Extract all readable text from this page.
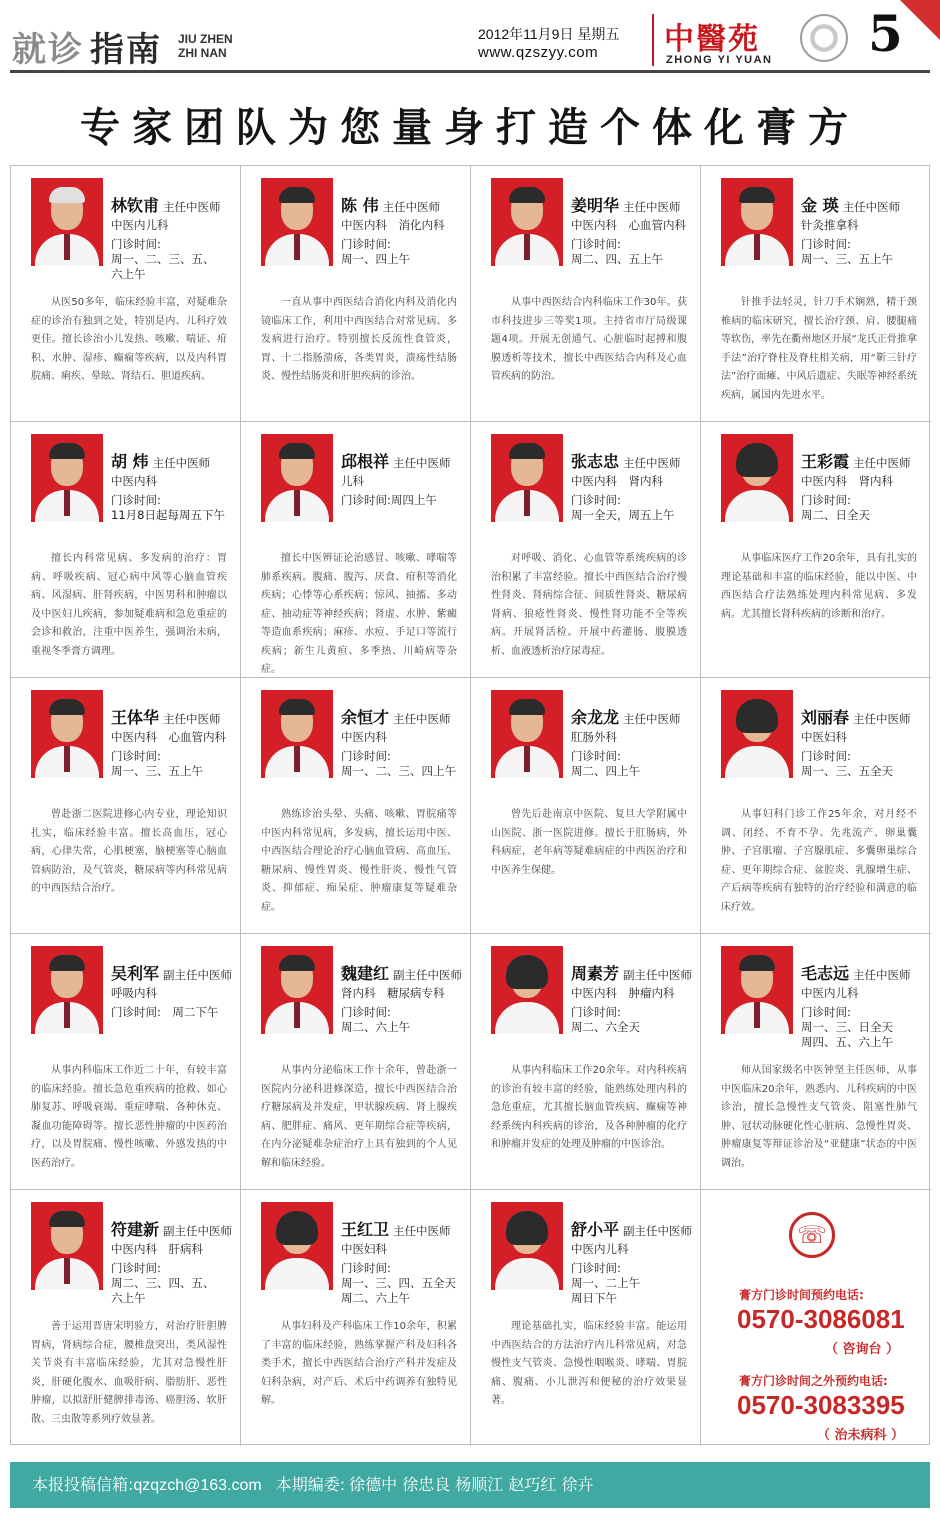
就诊 指南 JIU ZHEN
ZHI NAN
2012年11月9日 星期五
www.qzszyy.com 中醫苑
ZHONG YI YUAN 5
专家团队为您量身打造个体化膏方
☏
膏方门诊时间预约电话:
0570-3086081
（ 咨询台 ）
膏方门诊时间之外预约电话:
0570-3083395
（ 治未病科 ）
林钦甫 主任中医师
中医内儿科
门诊时间:
周一、二、三、五、
六上午
从医50多年，临床经验丰富，对疑难杂症的诊治有独到之处，特别是内、儿科疗效更佳。擅长诊治小儿发热、咳嗽、喘证、疳积、水肿、湿疹、癫痫等疾病，以及内科胃脘痛、痢疾、晕眩、肾结石、胆道疾病。
陈 伟 主任中医师
中医内科　消化内科
门诊时间:
周一、四上午
一直从事中西医结合消化内科及消化内镜临床工作，利用中西医结合对常见病、多发病进行治疗。特别擅长反流性食管炎，胃、十二指肠溃疡，各类胃炎，溃疡性结肠炎、慢性结肠炎和肝胆疾病的诊治。
姜明华 主任中医师
中医内科　心血管内科
门诊时间:
周二、四、五上午
从事中西医结合内科临床工作30年。获市科技进步三等奖1项。主持省市厅局级课题4项。开展无创通气、心脏临时起搏和腹膜透析等技术，擅长中西医结合内科及心血管疾病的防治。
金 瑛 主任中医师
针灸推拿科
门诊时间:
周一、三、五上午
针推手法轻灵，针刀手术娴熟，精于颈椎病的临床研究，擅长治疗颈、肩、腰腿痛等软伤，率先在衢州地区开展“龙氏正骨推拿手法”治疗脊柱及脊柱相关病，用“靳三针疗法”治疗面瘫、中风后遗症、失眠等神经系统疾病，属国内先进水平。
胡 炜 主任中医师
中医内科
门诊时间:
11月8日起每周五下午
擅长内科常见病、多发病的治疗：胃病、呼吸疾病、冠心病中风等心脑血管疾病、风湿病、肝肾疾病，中医男科和肿瘤以及中医妇儿疾病，参加疑难病和急危重症的会诊和救治，注重中医养生，强调治未病，重视冬季膏方调理。
邱根祥 主任中医师
儿科
门诊时间:周四上午
擅长中医辨证论治感冒、咳嗽、哮喘等肺系疾病。腹痛、腹泻、厌食、疳积等消化疾病；心悸等心系疾病；惊风、抽搐、多动症、抽动症等神经疾病；肾虚、水肿、紫癜等造血系疾病；麻疹、水痘、手足口等流行疾病；新生儿黄疸、多季热、川崎病等杂症。
张志忠 主任中医师
中医内科　肾内科
门诊时间:
周一全天，周五上午
对呼吸、消化、心血管等系统疾病的诊治积累了丰富经验。擅长中西医结合治疗慢性肾炎、肾病综合征、间质性肾炎、糖尿病肾病、狼疮性肾炎、慢性肾功能不全等疾病。开展肾活检。开展中药灌肠、腹膜透析、血液透析治疗尿毒症。
王彩霞 主任中医师
中医内科　肾内科
门诊时间:
周二、日全天
从事临床医疗工作20余年，具有扎实的理论基础和丰富的临床经验，能以中医、中西医结合疗法熟练处理内科常见病、多发病。尤其擅长肾科疾病的诊断和治疗。
王体华 主任中医师
中医内科　心血管内科
门诊时间:
周一、三、五上午
曾赴浙二医院进修心内专业，理论知识扎实，临床经验丰富。擅长高血压，冠心病，心律失常，心肌梗塞，脑梗塞等心脑血管病防治，及气管炎，糖尿病等内科常见病的中西医结合治疗。
余恒才 主任中医师
中医内科
门诊时间:
周一、二、三、四上午
熟练诊治头晕、头痛、咳嗽、胃脘痛等中医内科常见病，多发病，擅长运用中医、中西医结合理论治疗心脑血管病、高血压、糖尿病、慢性胃炎、慢性肝炎、慢性气管炎、抑郁症、痴呆症、肿瘤康复等疑难杂症。
余龙龙 主任中医师
肛肠外科
门诊时间:
周二、四上午
曾先后赴南京中医院、复旦大学附属中山医院、浙一医院进修。擅长于肛肠病，外科病症，老年病等疑难病症的中西医治疗和中医养生保健。
刘丽春 主任中医师
中医妇科
门诊时间:
周一、三、五全天
从事妇科门诊工作25年余，对月经不调、闭经、不育不孕、先兆流产、卵巢囊肿、子宫肌瘤、子宫腺肌症、多囊卵巢综合症、更年期综合症、盆腔炎、乳腺增生症、产后病等疾病有独特的治疗经验和满意的临床疗效。
吴利军 副主任中医师
呼吸内科
门诊时间:　周二下午
从事内科临床工作近二十年，有较丰富的临床经验。擅长急危重疾病的抢救、如心肺复苏、呼吸衰竭、重症哮喘、各种休克、凝血功能障碍等。擅长恶性肿瘤的中医药治疗，以及胃脘痛、慢性咳嗽、外感发热的中医药治疗。
魏建红 副主任中医师
肾内科　糖尿病专科
门诊时间:
周二、六上午
从事内分泌临床工作十余年，曾赴浙一医院内分泌科进修深造，擅长中西医结合治疗糖尿病及并发症，甲状腺疾病、肾上腺疾病、肥胖症、痛风、更年期综合症等疾病，在内分泌疑难杂症治疗上具有独到的个人见解和临床经验。
周素芳 副主任中医师
中医内科　肿瘤内科
门诊时间:
周二、六全天
从事内科临床工作20余年。对内科疾病的诊治有较丰富的经验，能熟练处理内科的急危重症，尤其擅长脑血管疾病、癫痫等神经系统内科疾病的诊治，及各种肿瘤的化疗和肿瘤并发症的处理及肿瘤的中医诊治。
毛志远 主任中医师
中医内儿科
门诊时间:
周一、三、日全天
周四、五、六上午
师从国家级名中医钟坚主任医师，从事中医临床20余年，熟悉内、儿科疾病的中医诊治，擅长急慢性支气管炎、阻塞性肺气肿、冠状动脉硬化性心脏病、急慢性胃炎、肿瘤康复等辩证诊治及“亚健康”状态的中医调治。
符建新 副主任中医师
中医内科　肝病科
门诊时间:
周二、三、四、五、
六上午
善于运用晋唐宋明验方，对治疗肝胆脾胃病，肾病综合症，腰椎盘突出，类风湿性关节炎有丰富临床经验，尤其对急慢性肝炎，肝硬化腹水、血吸肝病、脂肪肝、恶性肿瘤，以拟舒肝健脾排毒汤、癌胆汤、软肝散、三虫散等系列疗效显著。
王红卫 主任中医师
中医妇科
门诊时间:
周一、三、四、五全天
周二、六上午
从事妇科及产科临床工作10余年，积累了丰富的临床经验，熟练掌握产科及妇科各类手术，擅长中西医结合治疗产科并发症及妇科杂病，对产后、术后中药调养有独特见解。
舒小平 副主任中医师
中医内儿科
门诊时间:
周一、二上午
周日下午
理论基础扎实，临床经验丰富。能运用中西医结合的方法治疗内儿科常见病，对急慢性支气管炎、急慢性咽喉炎、哮喘、胃脘痛、腹痛、小儿泄泻和便秘的治疗效果显著。
本报投稿信箱:qzqzch@163.com 本期编委: 徐德中 徐忠良 杨顺江 赵巧红 徐卉
